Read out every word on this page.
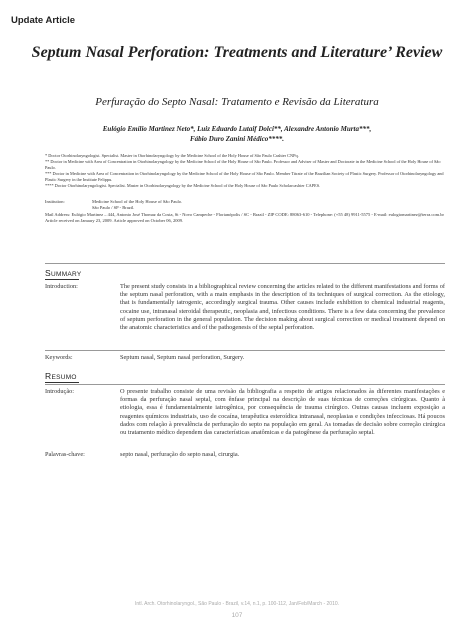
Update Article
Septum Nasal Perforation: Treatments and Literature’ Review
Perfuração do Septo Nasal: Tratamento e Revisão da Literatura
Eulógio Emílio Martinez Neto*, Luiz Eduardo Lutaif Dolci**, Alexandre Antonio Murta***,
Fábio Duro Zanini Médico****.

* Doctor Otorhinolaryngologist. Specialist. Master in Otorhinolaryngology by the Medicine School of the Holy House of São Paulo Cashier CNPq.

** Doctor in Medicine with Area of Concentration in Otorhinolaryngology by the Medicine School of the Holy House of São Paulo. Professor and Adviser of Master and Doctorate in the Medicine School of the Holy House of São Paulo.

*** Doctor in Medicine with Area of Concentration in Otorhinolaryngology by the Medicine School of the Holy House of São Paulo. Member Titrate of the Brazilian Society of Plastic Surgery. Professor of Otorhinolaryngology and Plastic Surgery in the Institute Felippu.

**** Doctor Otorhinolaryngologist. Specialist. Master in Otorhinolaryngology by the Medicine School of the Holy House of São Paulo Scholarcashier CAPES.

Institution:	Medicine School of the Holy House of São Paulo.
São Paulo / SP - Brazil.
Mail Address: Eulógio Martinez – 444, Antonio José Thomaz da Costa, St - Novo Campeche - Florianópolis / SC - Brazil - ZIP CODE: 88063-610 - Telephone: (+55 48) 9911-5575 - E-mail: eulogiomartinez@terra.com.br
Article received on January 23, 2009. Article approved on October 06, 2009.
SUMMARY
Introduction:	The present study consists in a bibliographical review concerning the articles related to the different manifestations and forms of the septum nasal perforation, with a main emphasis in the description of its techniques of surgical correction. As the etiology, that is fundamentally iatrogenic, accordingly surgical trauma. Other causes include exhibition to chemical industrial reagents, cocaine use, intranasal steroidal therapeutic, neoplasia and, infectious conditions. There is a few data concerning the prevalence of septum perforation in the general population. The decision making about surgical correction or medical treatment depend on the anatomic characteristics and of the pathogenesis of the septal perforation.
Keywords:	Septum nasal, Septum nasal perforation, Surgery.
RESUMO
Introdução:	O presente trabalho consiste de uma revisão da bibliografia a respeito de artigos relacionados às diferentes manifestações e formas da perfuração nasal septal, com ênfase principal na descrição de suas técnicas de correções cirúrgicas. Quanto à etiologia, essa é fundamentalmente iatrogênica, por consequência de trauma cirúrgico. Outras causas incluem exposição a reagentes químicos industriais, uso de cocaína, terapêutica esteroídica intranasal, neoplasias e condições infecciosas. Há poucos dados com relação à prevalência de perfuração do septo na população em geral. As tomadas de decisão sobre correção cirúrgica ou tratamento médico dependem das características anatômicas e da patogênese da perfuração septal.
Palavras-chave:	septo nasal, perfuração do septo nasal, cirurgia.
Intl. Arch. Otorhinolaryngol., São Paulo - Brazil, v.14, n.1, p. 100-112, Jan/Feb/March - 2010.
107
